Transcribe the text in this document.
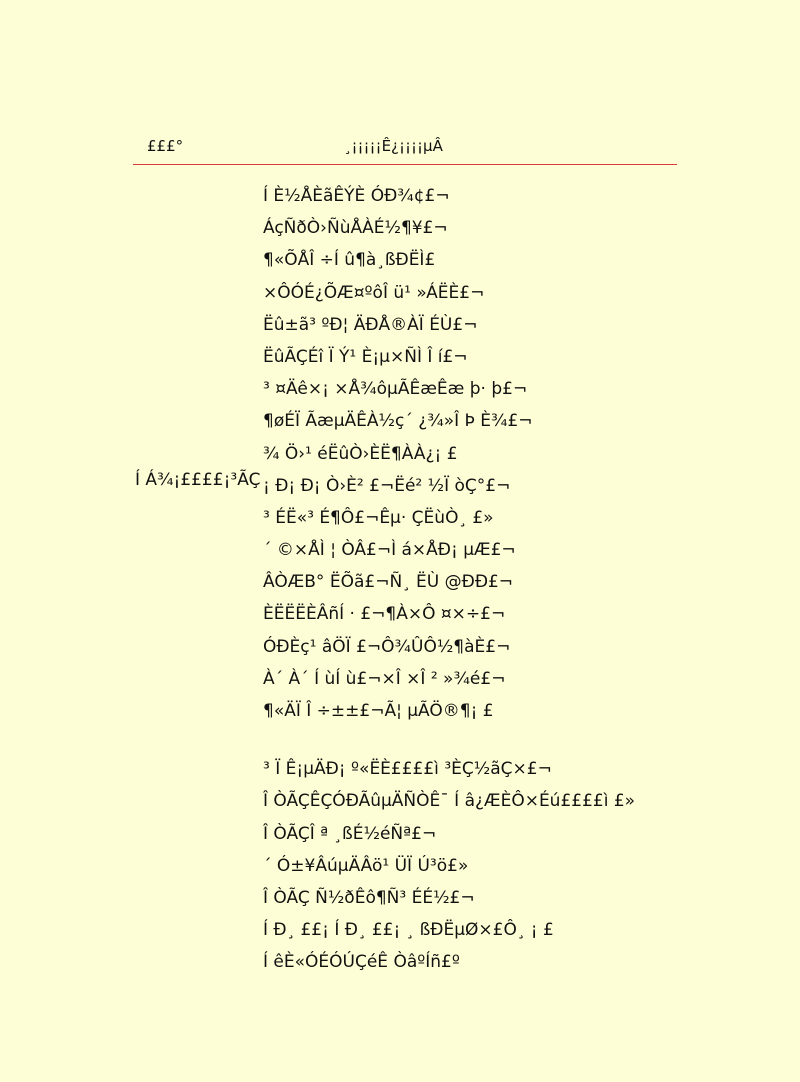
£££°	¸¡¡¡¡¡Ê¿¡¡¡¡µÂ
Í Á¾¡££££¡³ÃÇ
Í È½ÅÈãÊÝÈ ÓÐ¾¢£¬
ÁçÑðÒ›ÑùÅÀÉ½¶¥£¬
¶«ÕÅÎ ÷Í û¶à¸ßÐËÌ£
×ÔÓÉ¿ÕÆ¤ºôÎ ü¹ »ÁËÈ£¬
Ëû±ã³ ºÐ¦ ÄÐÅ®ÀÏ ÉÙ£¬
ËûÃÇÉî Ï Ý¹ È¡µ×ÑÌ Î í£¬
³ ¤Äê×¡ ×Å¾ôµÃÊæÊæ þ· þ£¬
¶øÉÏ ÃæµÄÊÀ½ç´ ¿¾»Î Þ È¾£¬
¾ Ö›¹ éËûÒ›ÈË¶ÀÀ¿¡ £
¡ Ð¡ Ð¡ Ò›È² £¬Ëé² ½Ï òÇ°£¬
³ ÉË«³ É¶Ô£¬Êµ· ÇËùÒ¸ £»
´ ©×ÅÌ ¦ ÒÂ£¬Ì á×ÅÐ¡ µÆ£¬
ÂÒÆB° ËÕã£¬Ñ¸ ËÙ @ÐÐ£¬
ÈËËËÈÂñÍ · £¬¶À×Ô ¤×÷£¬
ÓÐÈç¹ âÖÏ £¬Ô¾ÛÔ½¶àÈ£¬
À´ À´ Í ùÍ ù£¬×Î ×Î ² »¾é£¬
¶«ÄÏ Î ÷±±£¬Ã¦ µÃÖ®¶¡ £
³ Ï Ê¡µÄÐ¡ º«ËÈ££££ì ³ÈÇ½ãÇ×£¬
Î ÒÃÇÊÇÓÐÃûµÄÑÒÊ¯ Í â¿ÆÈÔ×Éú££££ì £»
Î ÒÃÇÎ ª ¸ßÉ½éÑª£¬
´ Ó±¥ÂúµÄÂö¹ ÜÏ Ú³ö£»
Î ÒÃÇ Ñ½ðÊô¶Ñ³ ÉÉ½£¬
Í Ð¸ ££¡ Í Ð¸ ££¡ ¸ ßÐËµØ×£Ô¸ ¡ £
Í êÈ«ÓÉÓÚÇéÊ ÒâºÍñ£º
